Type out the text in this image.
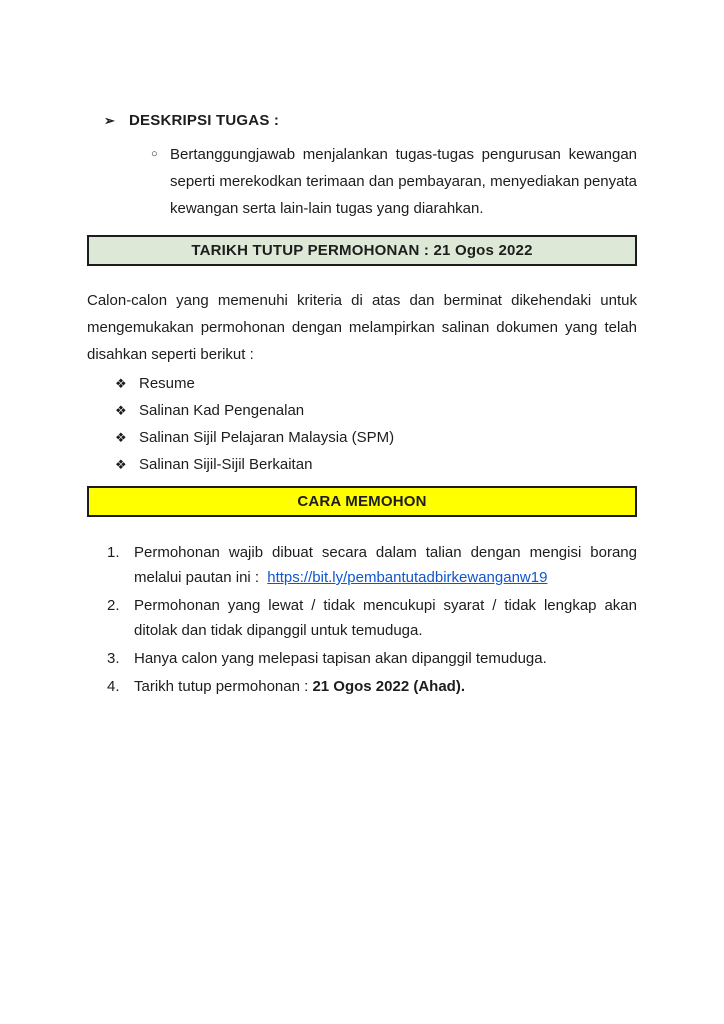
➢ DESKRIPSI TUGAS :
○ Bertanggungjawab menjalankan tugas-tugas pengurusan kewangan seperti merekodkan terimaan dan pembayaran, menyediakan penyata kewangan serta lain-lain tugas yang diarahkan.
TARIKH TUTUP PERMOHONAN : 21 Ogos 2022

Calon-calon yang memenuhi kriteria di atas dan berminat dikehendaki untuk mengemukakan permohonan dengan melampirkan salinan dokumen yang telah disahkan seperti berikut :

❖ Resume
❖ Salinan Kad Pengenalan
❖ Salinan Sijil Pelajaran Malaysia (SPM)
❖ Salinan Sijil-Sijil Berkaitan
CARA MEMOHON
1. Permohonan wajib dibuat secara dalam talian dengan mengisi borang melalui pautan ini : https://bit.ly/pembantutadbirkewanganw19
2. Permohonan yang lewat / tidak mencukupi syarat / tidak lengkap akan ditolak dan tidak dipanggil untuk temuduga.
3. Hanya calon yang melepasi tapisan akan dipanggil temuduga.
4. Tarikh tutup permohonan : 21 Ogos 2022 (Ahad).
